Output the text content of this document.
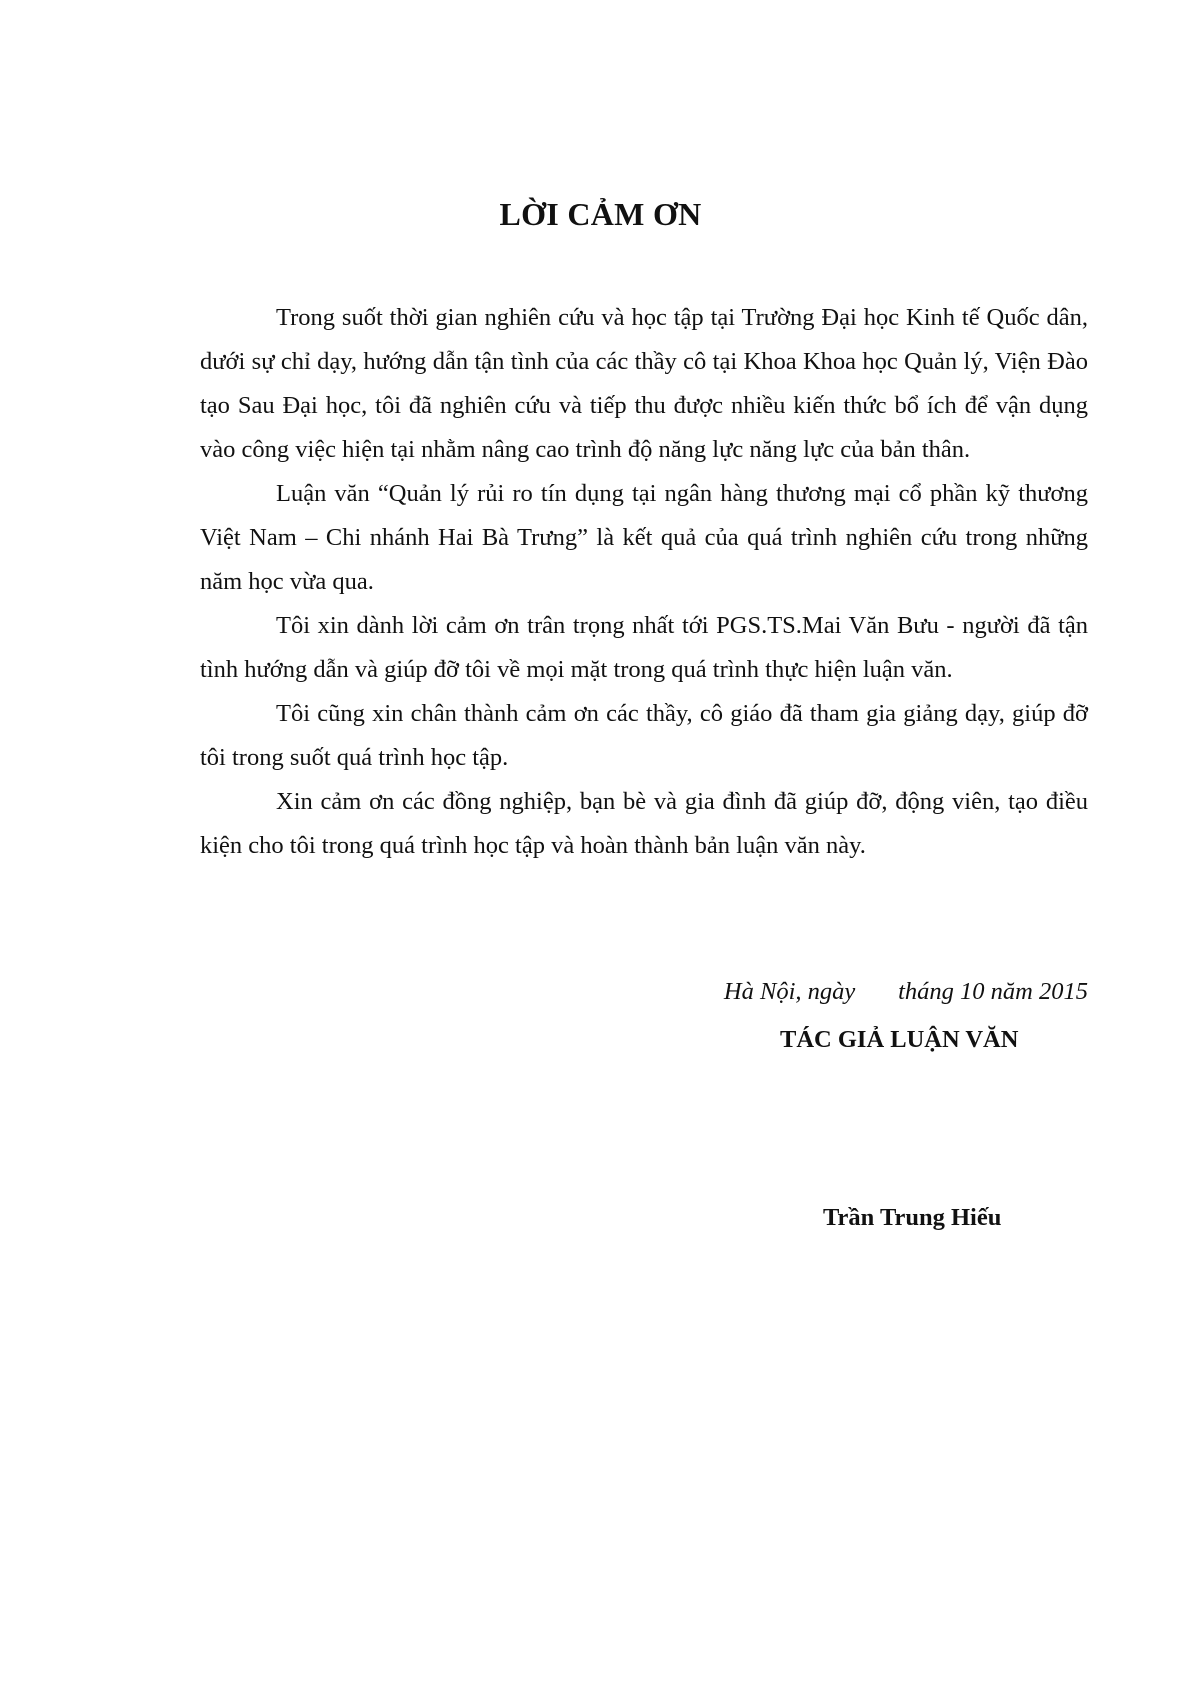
LỜI CẢM ƠN

Trong suốt thời gian nghiên cứu và học tập tại Trường Đại học Kinh tế Quốc dân, dưới sự chỉ dạy, hướng dẫn tận tình của các thầy cô tại Khoa Khoa học Quản lý, Viện Đào tạo Sau Đại học, tôi đã nghiên cứu và tiếp thu được nhiều kiến thức bổ ích để vận dụng vào công việc hiện tại nhằm nâng cao trình độ năng lực năng lực của bản thân.

Luận văn “Quản lý rủi ro tín dụng tại ngân hàng thương mại cổ phần kỹ thương Việt Nam – Chi nhánh Hai Bà Trưng” là kết quả của quá trình nghiên cứu trong những năm học vừa qua.

Tôi xin dành lời cảm ơn trân trọng nhất tới PGS.TS.Mai Văn Bưu - người đã tận tình hướng dẫn và giúp đỡ tôi về mọi mặt trong quá trình thực hiện luận văn.

Tôi cũng xin chân thành cảm ơn các thầy, cô giáo đã tham gia giảng dạy, giúp đỡ tôi trong suốt quá trình học tập.

Xin cảm ơn các đồng nghiệp, bạn bè và gia đình đã giúp đỡ, động viên, tạo điều kiện cho tôi trong quá trình học tập và hoàn thành bản luận văn này.

Hà Nội, ngày       tháng 10 năm 2015
TÁC GIẢ LUẬN VĂN
Trần Trung Hiếu
